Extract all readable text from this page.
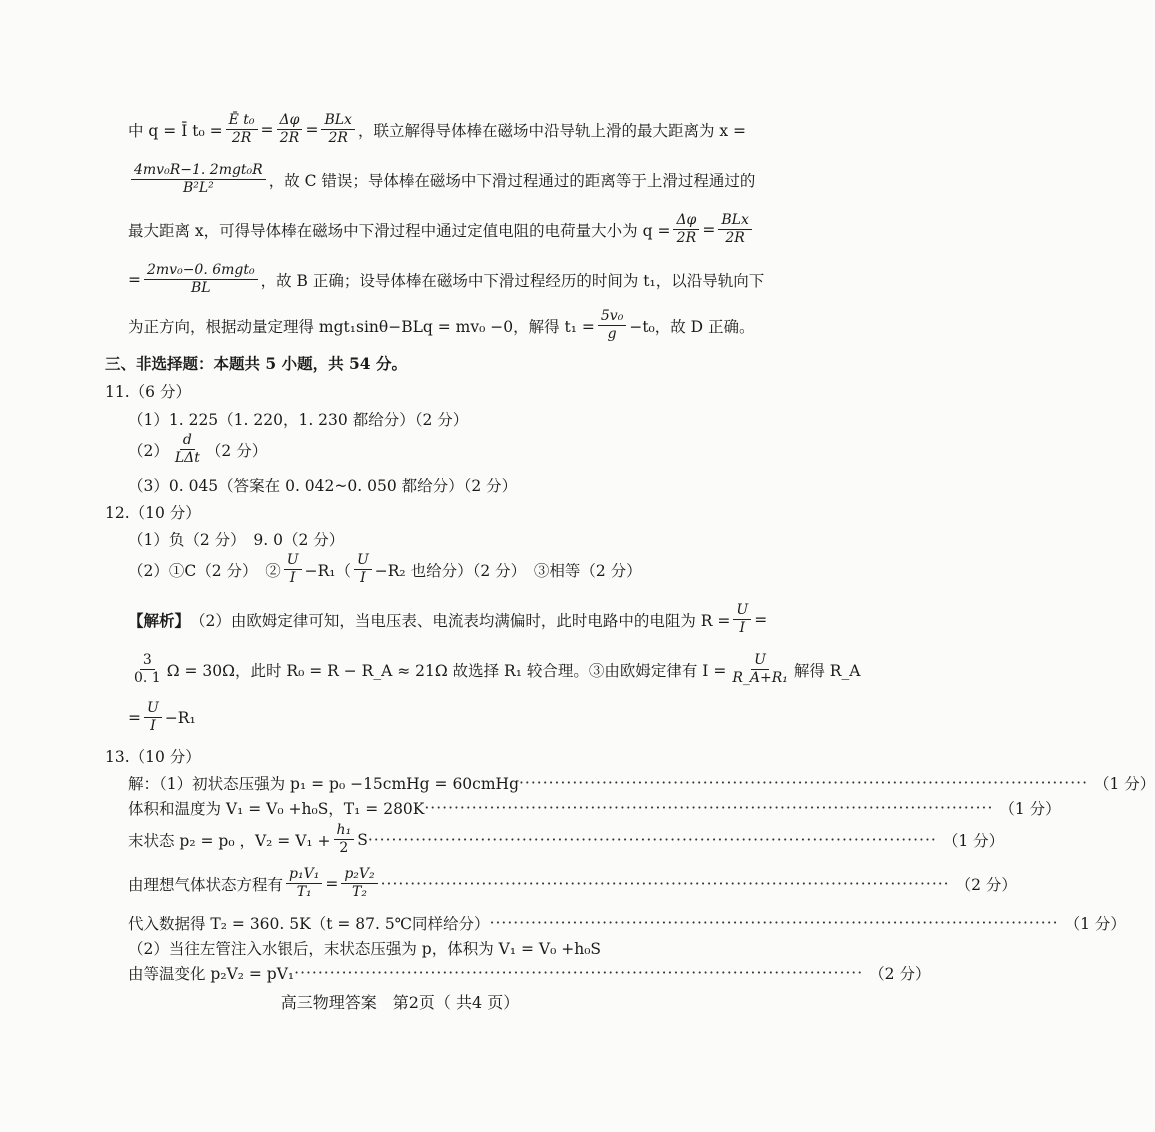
中 q = Ī $t_0 = \frac{\text{Ē t₀}}{2R} = \frac{\Delta\varphi}{2R} = \frac{\text{BLx}}{2R}$ ，联立解得导体棒在磁场中沿导轨上滑的最大距离为 x =
$\frac{\text{4mv₀R−1. 2mgt₀R}}{\text{B²L²}}$ ，故 C 错误；导体棒在磁场中下滑过程通过的距离等于上滑过程通过的
最大距离 x，可得导体棒在磁场中下滑过程中通过定值电阻的电荷量大小为 $q = \frac{\Delta\varphi}{2R} = \frac{\text{BLx}}{2R}$
= $\frac{\text{2mv₀−0. 6mgt₀}}{BL}$ ，故 B 正确；设导体棒在磁场中下滑过程经历的时间为 t₁，以沿导轨向下
为正方向，根据动量定理得 mgt₁sinθ−BLq = mv₀ −0，解得 $t_1 = \frac{\text{5v₀}}{g} -t_0$，故 D 正确。
三、非选择题：本题共 5 小题，共 54 分。
11.（6 分）
（1）1. 225（1. 220，1. 230 都给分）（2 分）
$(2) \frac{d}{\text{LΔt}} (2$ 分）
（3）0. 045（答案在 0. 042~0. 050 都给分）（2 分）
12.（10 分）
（1）负（2 分）　9. 0（2 分）
（2）①C（2 分）　② $\frac{U}{I} -R_1( \frac{U}{I} -R_2$ 也给分）（2 分）　③相等（2 分）
【解析】 （2）由欧姆定律可知，当电压表、电流表均满偏时，此时电路中的电阻为 $R = \frac{U}{I}$ =
$\frac{3}{0. 1}$ Ω = 30Ω，此时 R₀ = R − R_A ≈ 21Ω 故选择 R₁ 较合理。③由欧姆定律有 $I = \frac{U}{\text{R\_A+R₁}}$ 解得 R_A
= $\frac{U}{I} -R_1$
13.（10 分）
解：（1）初状态压强为 p₁ = p₀ −15cmHg = 60cmHg ································································································ （1 分）
体积和温度为 V₁ = V₀ +h₀S，T₁ = 280K ································································································ （1 分）
末状态 p₂ = p₀ ，$V_2 = V_1 + \frac{\text{h₁}}{2}$ S ································································································ （1 分）
由理想气体状态方程有 $\frac{\text{p₁V₁}}{\text{T₁}} = \frac{\text{p₂V₂}}{\text{T₂}}$ ································································································ （2 分）
代入数据得 T₂ = 360. 5K（t = 87. 5℃同样给分） ································································································ （1 分）
（2）当往左管注入水银后，末状态压强为 p，体积为 V₁ = V₀ +h₀S
由等温变化 p₂V₂ = pV₁ ································································································ （2 分）
高三物理答案　第2页（ 共4 页）
